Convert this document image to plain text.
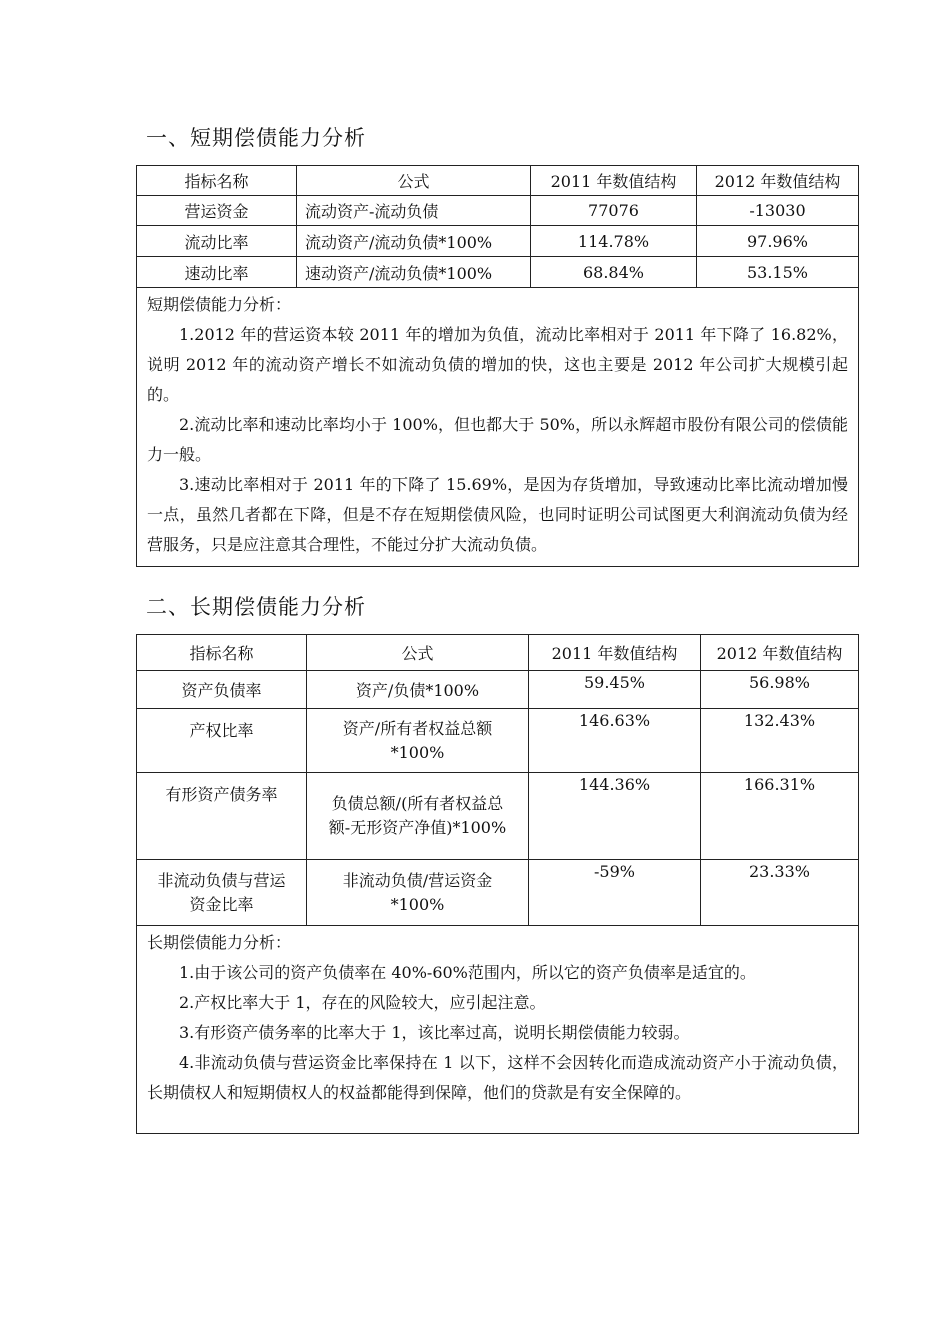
一、短期偿债能力分析
指标名称	公式	2011 年数值结构	2012 年数值结构
营运资金	流动资产-流动负债	77076	-13030
流动比率	流动资产/流动负债*100%	114.78%	97.96%
速动比率	速动资产/流动负债*100%	68.84%	53.15%

短期偿债能力分析：
1.2012 年的营运资本较 2011 年的增加为负值，流动比率相对于 2011 年下降了 16.82%，说明 2012 年的流动资产增长不如流动负债的增加的快，这也主要是 2012 年公司扩大规模引起的。
2.流动比率和速动比率均小于 100%，但也都大于 50%，所以永辉超市股份有限公司的偿债能力一般。
3.速动比率相对于 2011 年的下降了 15.69%，是因为存货增加，导致速动比率比流动增加慢一点，虽然几者都在下降，但是不存在短期偿债风险，也同时证明公司试图更大利润流动负债为经营服务，只是应注意其合理性，不能过分扩大流动负债。			
二、长期偿债能力分析
指标名称	公式	2011 年数值结构	2012 年数值结构
资产负债率	资产/负债*100%	59.45%	56.98%
产权比率	资产/所有者权益总额*100%	146.63%	132.43%
有形资产债务率	负债总额/(所有者权益总额-无形资产净值)*100%	144.36%	166.31%
非流动负债与营运资金比率	非流动负债/营运资金*100%	-59%	23.33%

长期偿债能力分析：
1.由于该公司的资产负债率在 40%-60%范围内，所以它的资产负债率是适宜的。
2.产权比率大于 1，存在的风险较大，应引起注意。
3.有形资产债务率的比率大于 1，该比率过高，说明长期偿债能力较弱。
4.非流动负债与营运资金比率保持在 1 以下，这样不会因转化而造成流动资产小于流动负债，长期债权人和短期债权人的权益都能得到保障，他们的贷款是有安全保障的。			
